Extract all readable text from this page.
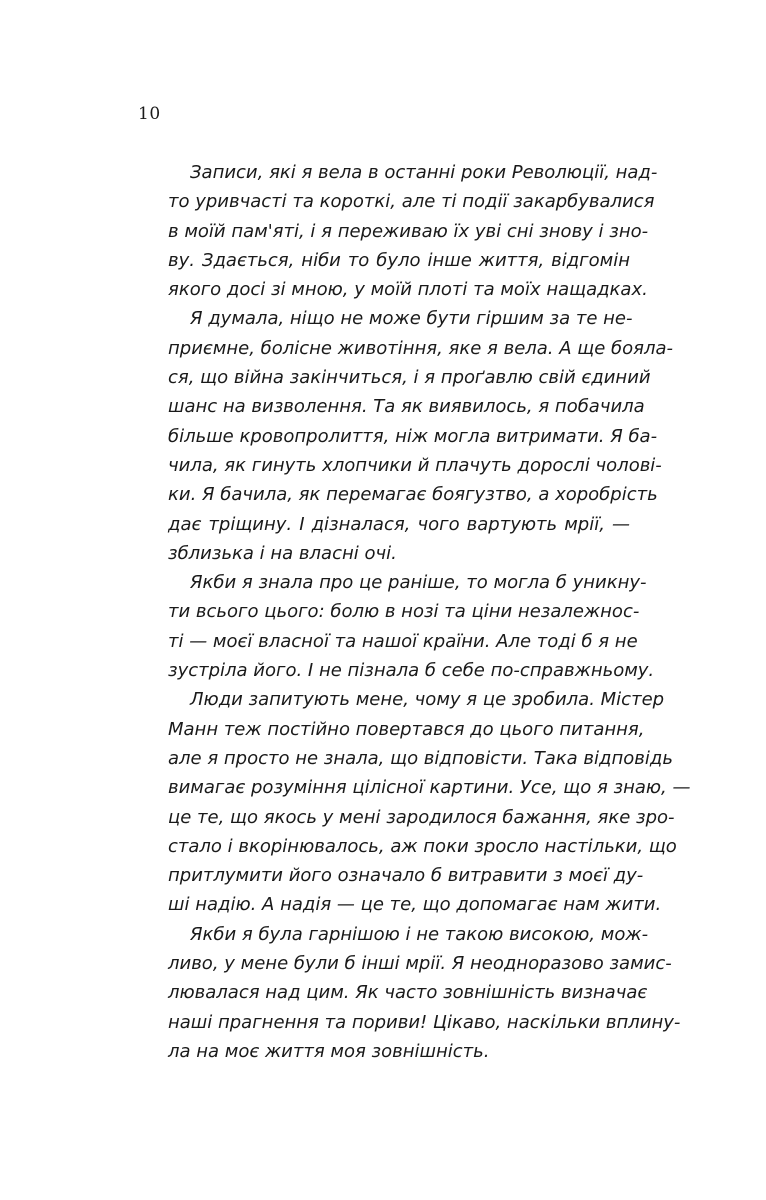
10
Записи, які я вела в останні роки Революції, над-
то уривчасті та короткі, але ті події закарбувалися
в моїй пам'яті, і я переживаю їх уві сні знову і зно-
ву. Здається, ніби то було інше життя, відгомін
якого досі зі мною, у моїй плоті та моїх нащадках.
Я думала, ніщо не може бути гіршим за те не-
приємне, болісне животіння, яке я вела. А ще бояла-
ся, що війна закінчиться, і я проґавлю свій єдиний
шанс на визволення. Та як виявилось, я побачила
більше кровопролиття, ніж могла витримати. Я ба-
чила, як гинуть хлопчики й плачуть дорослі чолові-
ки. Я бачила, як перемагає боягузтво, а хоробрість
дає тріщину. І дізналася, чого вартують мрії, —
зблизька і на власні очі.
Якби я знала про це раніше, то могла б уникну-
ти всього цього: болю в нозі та ціни незалежнос-
ті — моєї власної та нашої країни. Але тоді б я не
зустріла його. І не пізнала б себе по-справжньому.
Люди запитують мене, чому я це зробила. Містер
Манн теж постійно повертався до цього питання,
але я просто не знала, що відповісти. Така відповідь
вимагає розуміння цілісної картини. Усе, що я знаю, —
це те, що якось у мені зародилося бажання, яке зро-
стало і вкорінювалось, аж поки зросло настільки, що
притлумити його означало б витравити з моєї ду-
ші надію. А надія — це те, що допомагає нам жити.
Якби я була гарнішою і не такою високою, мож-
ливо, у мене були б інші мрії. Я неодноразово замис-
лювалася над цим. Як часто зовнішність визначає
наші прагнення та пориви! Цікаво, наскільки вплину-
ла на моє життя моя зовнішність.
